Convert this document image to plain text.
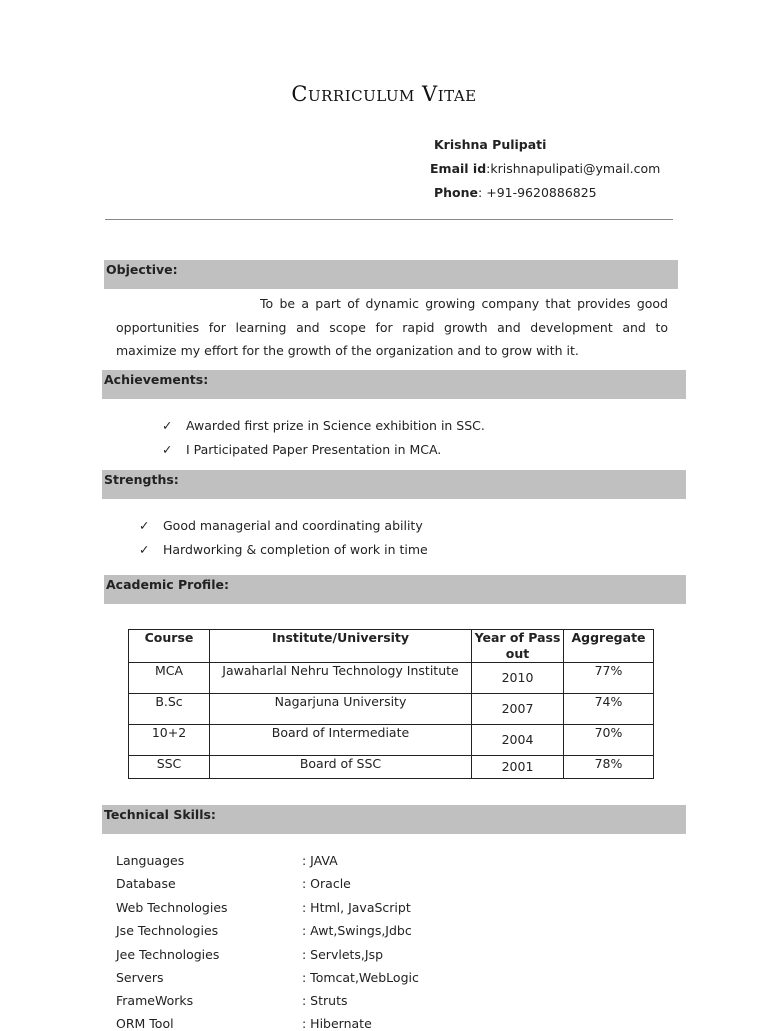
Curriculum Vitae
Krishna Pulipati
Email id:krishnapulipati@ymail.com
Phone: +91-9620886825
Objective:
To be a part of dynamic growing company that provides good opportunities for learning and scope for rapid growth and development and to maximize my effort for the growth of the organization and to grow with it.
Achievements:
✓ Awarded first prize in Science exhibition in SSC.
✓ I Participated Paper Presentation in MCA.
Strengths:
✓ Good managerial and coordinating ability
✓ Hardworking & completion of work in time
Academic Profile:
Course	Institute/University	Year of Pass out	Aggregate
MCA	Jawaharlal Nehru Technology Institute	2010	77%
B.Sc	Nagarjuna University	2007	74%
10+2	Board of Intermediate	2004	70%
SSC	Board of SSC	2001	78%
Technical Skills:
Languages	: JAVA
Database	: Oracle
Web Technologies	: Html, JavaScript
Jse Technologies	: Awt,Swings,Jdbc
Jee Technologies	: Servlets,Jsp
Servers	: Tomcat,WebLogic
FrameWorks	: Struts
ORM Tool	: Hibernate
